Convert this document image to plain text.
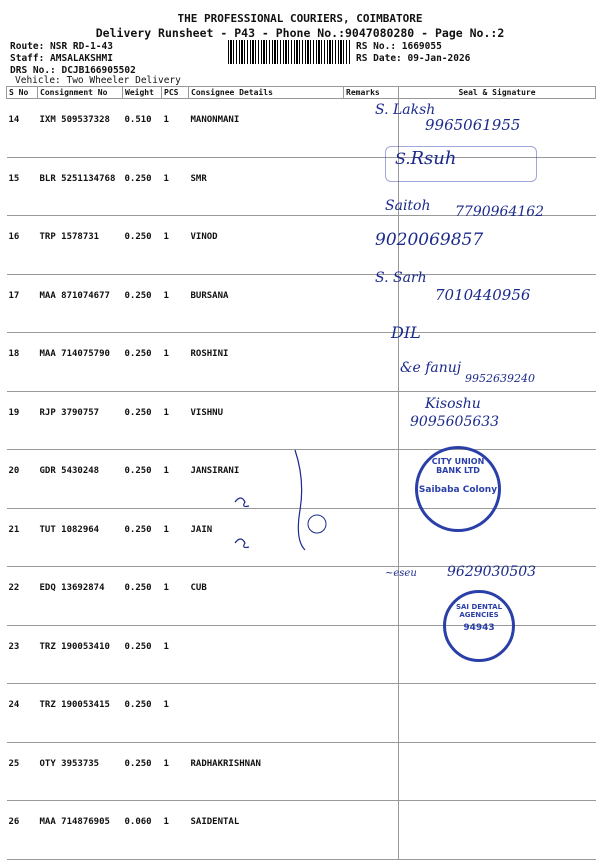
THE PROFESSIONAL COURIERS, COIMBATORE
Delivery Runsheet - P43 - Phone No.:9047080280 - Page No.:2
Route: NSR RD-1-43
Staff: AMSALAKSHMI
DRS No.: DCJB166905502
Vehicle: Two Wheeler Delivery
RS No.: 1669055
RS Date: 09-Jan-2026
S No	Consignment No	Weight	PCS	Consignee Details	Remarks	Seal & Signature
14	IXM 509537328	0.510	1	MANONMANI		
15	BLR 5251134768	0.250	1	SMR		
16	TRP 1578731	0.250	1	VINOD		
17	MAA 871074677	0.250	1	BURSANA		
18	MAA 714075790	0.250	1	ROSHINI		
19	RJP 3790757	0.250	1	VISHNU		
20	GDR 5430248	0.250	1	JANSIRANI		
21	TUT 1082964	0.250	1	JAIN		
22	EDQ 13692874	0.250	1	CUB		
23	TRZ 190053410	0.250	1			
24	TRZ 190053415	0.250	1			
25	OTY 3953735	0.250	1	RADHAKRISHNAN		
26	MAA 714876905	0.060	1	SAIDENTAL		
S. Laksh
9965061955
S.Rsuh
Saitoh 7790964162
9020069857
S. Sarh
7010440956
DIL
&e fanuj
9952639240
Kisoshu
9095605633
CITY UNION BANK LTD
Saibaba Colony
~eseu 9629030503
SAI DENTAL AGENCIES
94943
